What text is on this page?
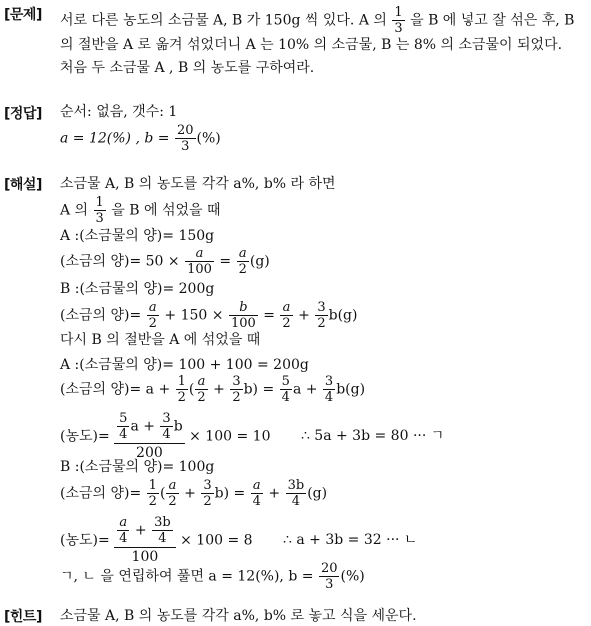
[문제]
[정답]
[해설]
[힌트]
서로 다른 농도의 소금물 A, B 가 150g 씩 있다. A 의 $\frac{1}{3}$ 을 B 에 넣고 잘 섞은 후, B
의 절반을 A 로 옮겨 섞었더니 A 는 10% 의 소금물, B 는 8% 의 소금물이 되었다.
처음 두 소금물 A , B 의 농도를 구하여라.
순서: 없음, 갯수: 1
a = 12(%) , $b = \frac{20}{3}$ (%)
소금물 A, B 의 농도를 각각 a%, b% 라 하면
A 의 $\frac{1}{3}$ 을 B 에 섞었을 때
A :(소금물의 양)= 150g
(소금의 양)= $50 \times \frac{a}{100} = \frac{a}{2} (g)$
B :(소금물의 양)= 200g
(소금의 양)= $\frac{a}{2} + 150 \times \frac{b}{100} = \frac{a}{2} + \frac{3}{2} b(g)$
다시 B 의 절반을 A 에 섞었을 때
A :(소금물의 양)= 100 + 100 = 200g
(소금의 양)= $a + \frac{1}{2}$ ( $\frac{a}{2} + \frac{3}{2} b) = \frac{5}{4}$ $a + \frac{3}{4} b(g)$
(농도)= $\frac{\frac{5}{4} a + \frac{3}{4} b}{200} \times 100 = 10$ ∴ 5a + 3b = 80 ··· ㄱ
B :(소금물의 양)= 100g
(소금의 양)= $\frac{1}{2}$ ( $\frac{a}{2} + \frac{3}{2} b) = \frac{a}{4} + \frac{3b}{4} (g)$
(농도)= $\frac{\frac{a}{4} + \frac{3b}{4}}{100} \times 100 = 8$ ∴ a + 3b = 32 ··· ㄴ
ㄱ, ㄴ 을 연립하여 풀면 a = 12(%), $b = \frac{20}{3}$ (%)
소금물 A, B 의 농도를 각각 a%, b% 로 놓고 식을 세운다.
